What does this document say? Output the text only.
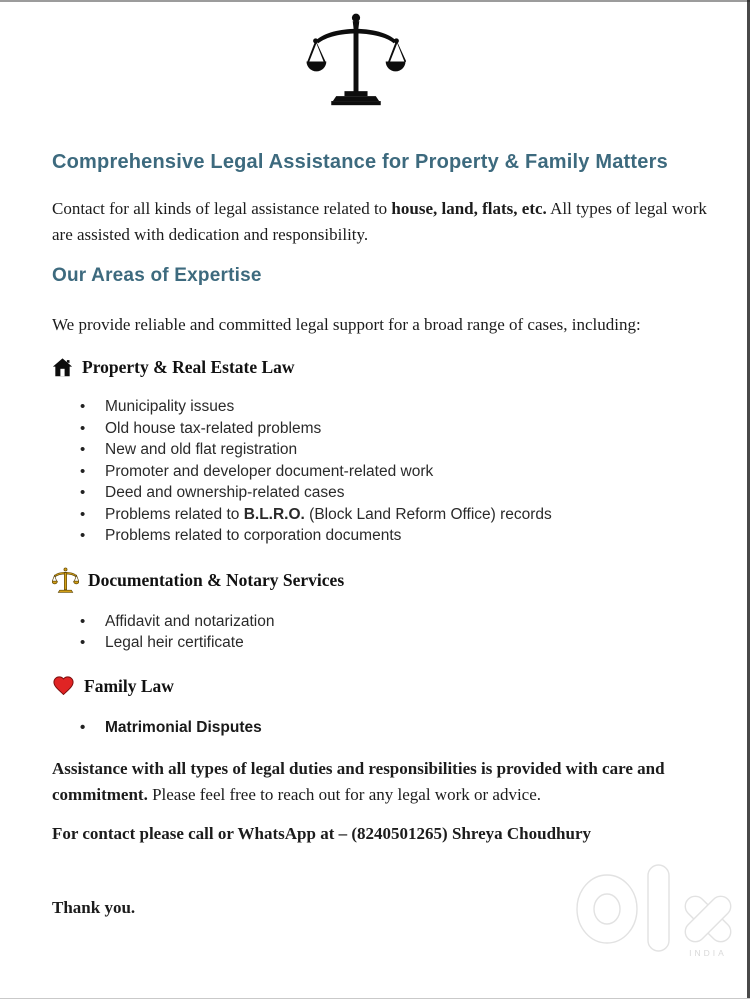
Comprehensive Legal Assistance for Property & Family Matters

Contact for all kinds of legal assistance related to house, land, flats, etc. All types of legal work are assisted with dedication and responsibility.

Our Areas of Expertise

We provide reliable and committed legal support for a broad range of cases, including:

Property & Real Estate Law
• Municipality issues
• Old house tax-related problems
• New and old flat registration
• Promoter and developer document-related work
• Deed and ownership-related cases
• Problems related to B.L.R.O. (Block Land Reform Office) records
• Problems related to corporation documents
Documentation & Notary Services
• Affidavit and notarization
• Legal heir certificate
Family Law
• Matrimonial Disputes

Assistance with all types of legal duties and responsibilities is provided with care and commitment. Please feel free to reach out for any legal work or advice.

For contact please call or WhatsApp at – (8240501265) Shreya Choudhury

Thank you.

INDIA
